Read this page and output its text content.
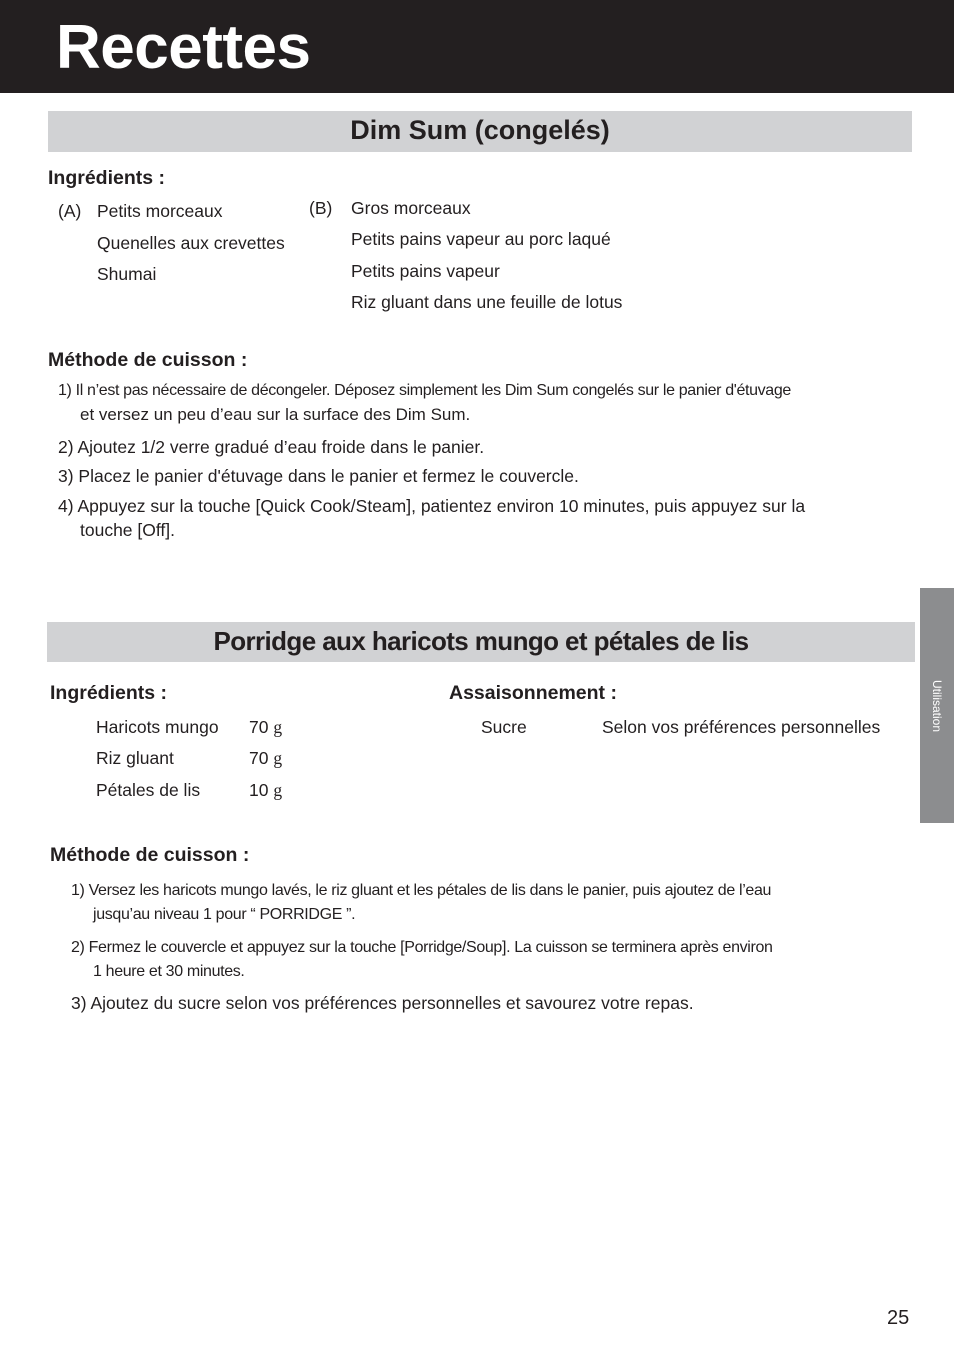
Recettes
Dim Sum (congelés)
Ingrédients :
(A) Petits morceaux
Quenelles aux crevettes
Shumai
(B) Gros morceaux
Petits pains vapeur au porc laqué
Petits pains vapeur
Riz gluant dans une feuille de lotus
Méthode de cuisson :
1) Il n’est pas nécessaire de décongeler. Déposez simplement les Dim Sum congelés sur le panier d'étuvage
et versez un peu d’eau sur la surface des Dim Sum.
2) Ajoutez 1/2 verre gradué d’eau froide dans le panier.
3) Placez le panier d'étuvage dans le panier et fermez le couvercle.
4) Appuyez sur la touche [Quick Cook/Steam], patientez environ 10 minutes, puis appuyez sur la
touche [Off].
Porridge aux haricots mungo et pétales de lis
Ingrédients :
Haricots mungo 70 g
Riz gluant	70 g
Pétales de lis	10 g
Assaisonnement :
Sucre	Selon vos préférences personnelles
Méthode de cuisson :
1) Versez les haricots mungo lavés, le riz gluant et les pétales de lis dans le panier, puis ajoutez de l’eau
jusqu’au niveau 1 pour “ PORRIDGE ”.
2) Fermez le couvercle et appuyez sur la touche [Porridge/Soup]. La cuisson se terminera après environ
1 heure et 30 minutes.
3) Ajoutez du sucre selon vos préférences personnelles et savourez votre repas.
Utilisation
25
